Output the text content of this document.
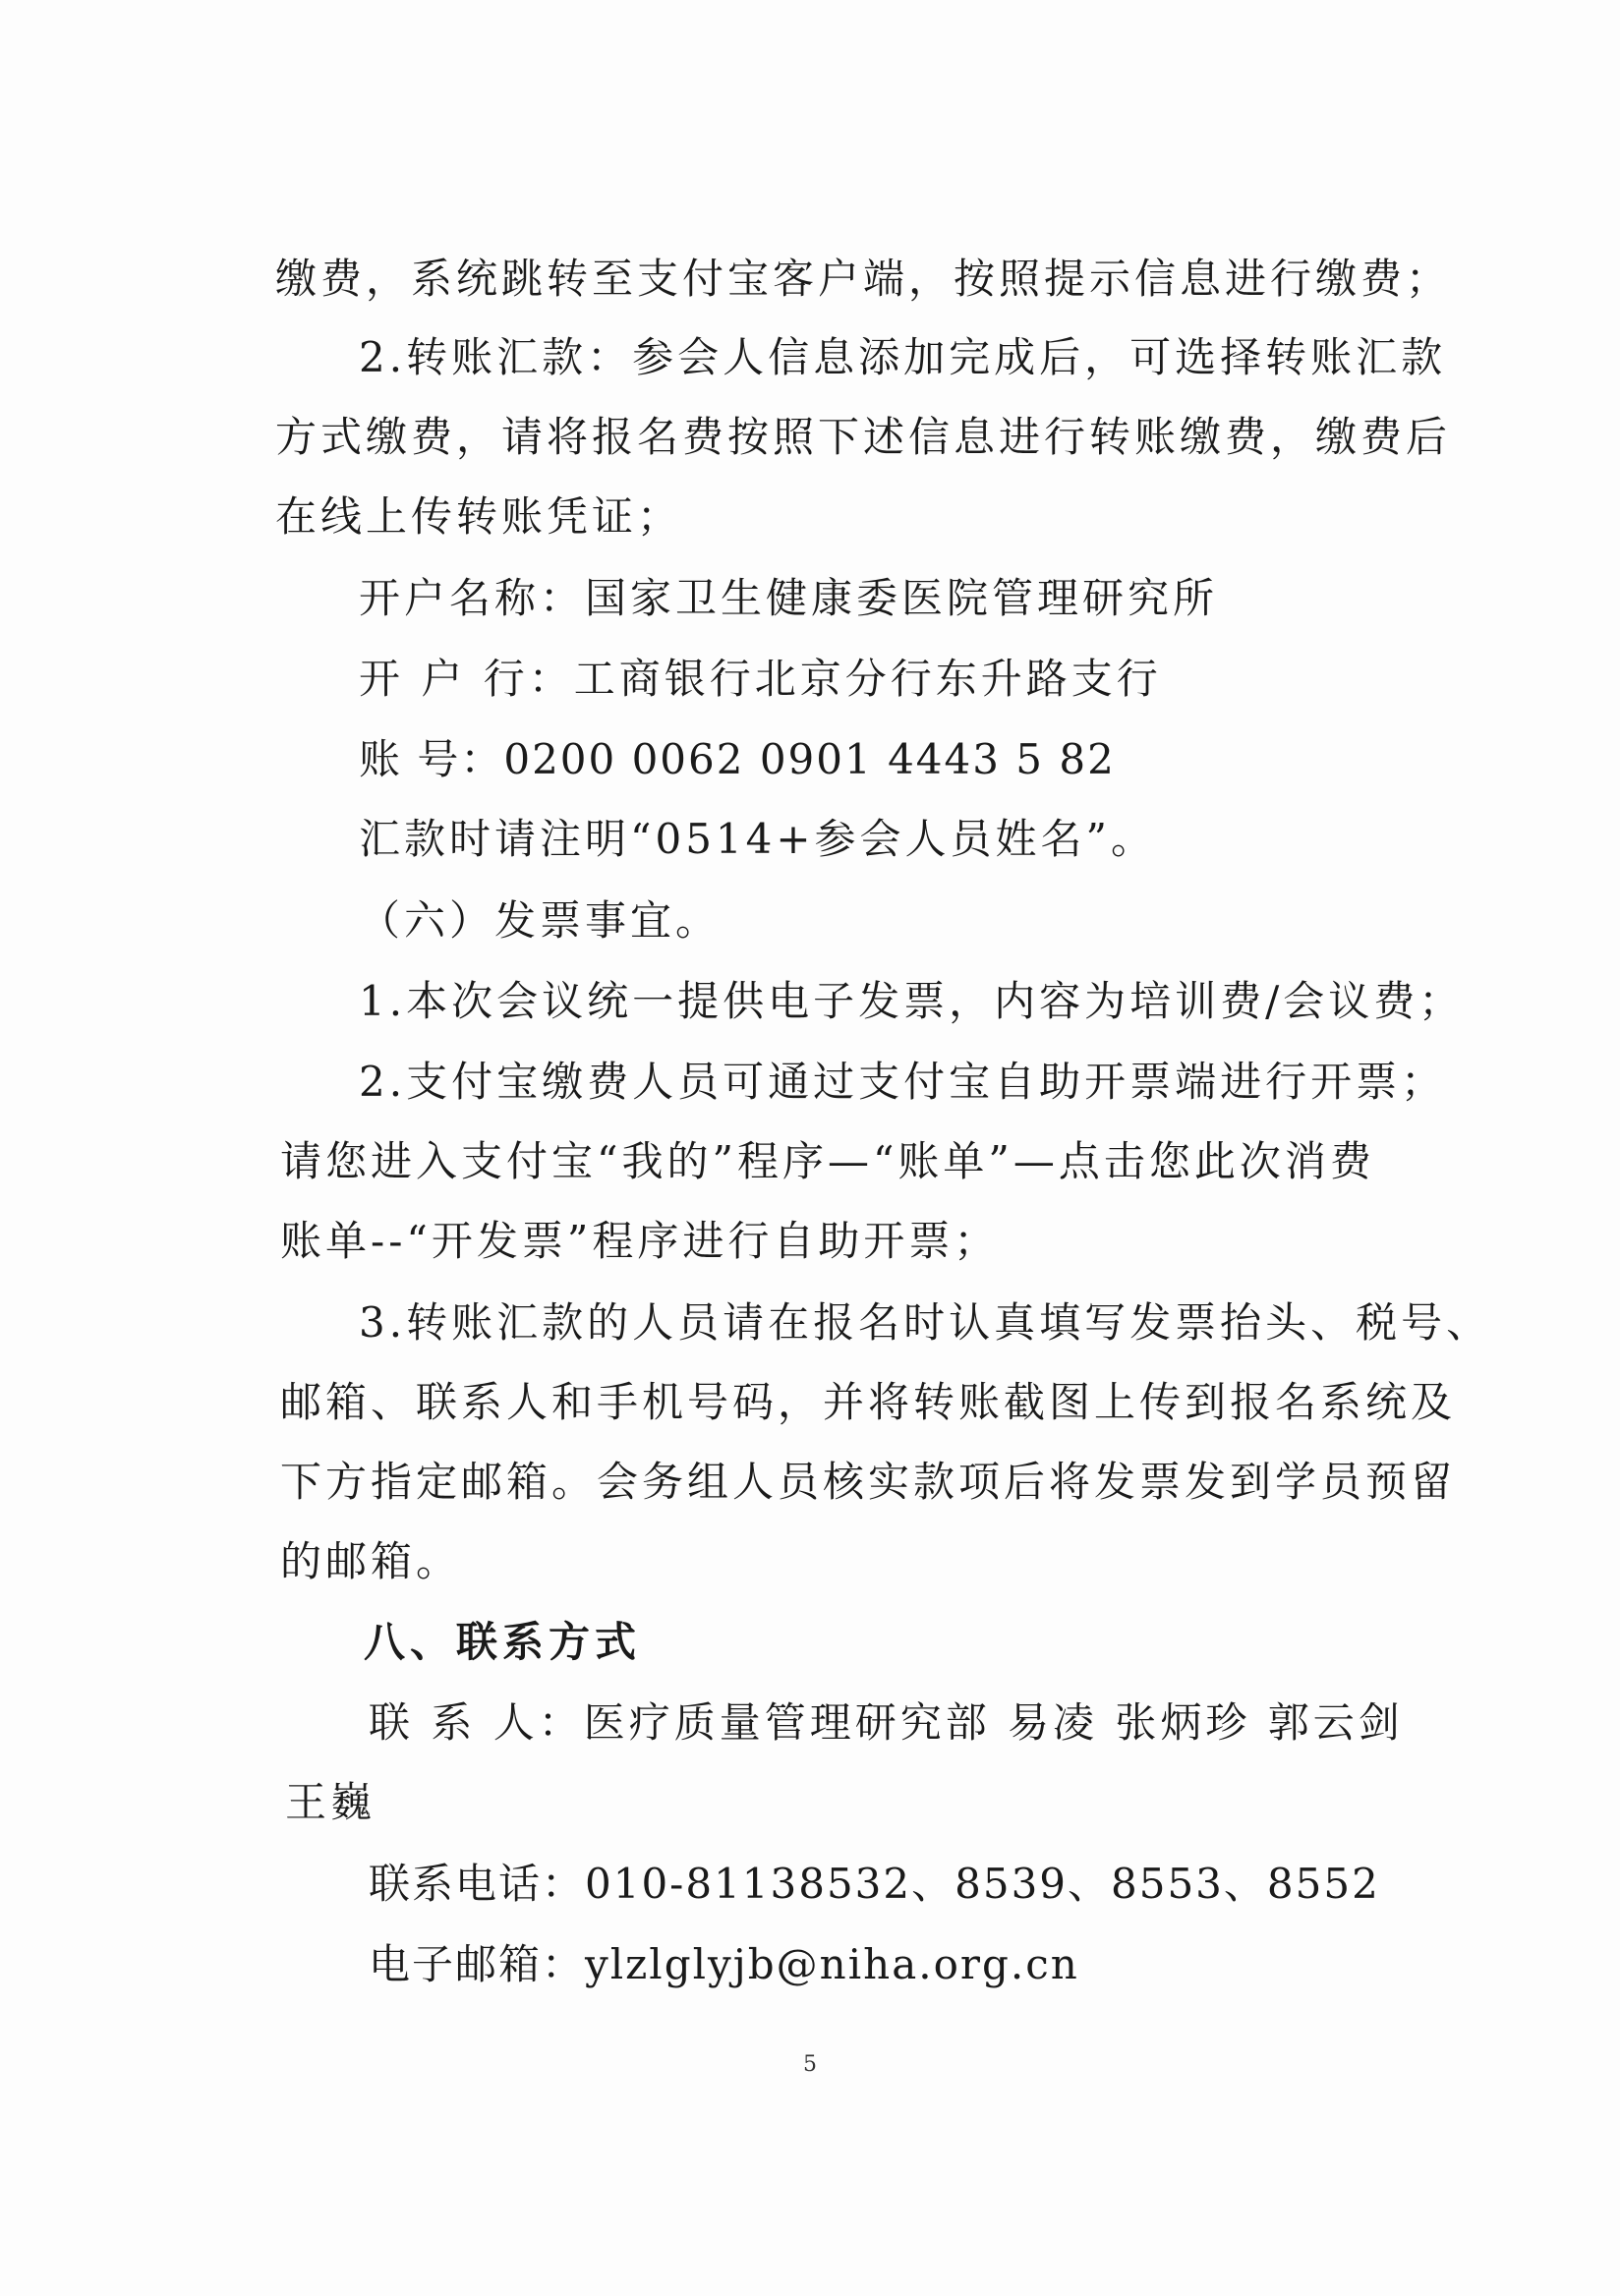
缴费，系统跳转至支付宝客户端，按照提示信息进行缴费；
2.转账汇款：参会人信息添加完成后，可选择转账汇款
方式缴费，请将报名费按照下述信息进行转账缴费，缴费后
在线上传转账凭证；
开户名称：国家卫生健康委医院管理研究所
开 户 行：工商银行北京分行东升路支行
账 号：0200 0062 0901 4443 5 82
汇款时请注明“0514+参会人员姓名”。
（六）发票事宜。
1.本次会议统一提供电子发票，内容为培训费/会议费；
2.支付宝缴费人员可通过支付宝自助开票端进行开票；
请您进入支付宝“我的”程序—“账单”—点击您此次消费
账单--“开发票”程序进行自助开票；
3.转账汇款的人员请在报名时认真填写发票抬头、税号、
邮箱、联系人和手机号码，并将转账截图上传到报名系统及
下方指定邮箱。会务组人员核实款项后将发票发到学员预留
的邮箱。
八、联系方式
联 系 人：医疗质量管理研究部 易凌 张炳珍 郭云剑
王巍
联系电话：010-81138532、8539、8553、8552
电子邮箱：ylzlglyjb@niha.org.cn
5
